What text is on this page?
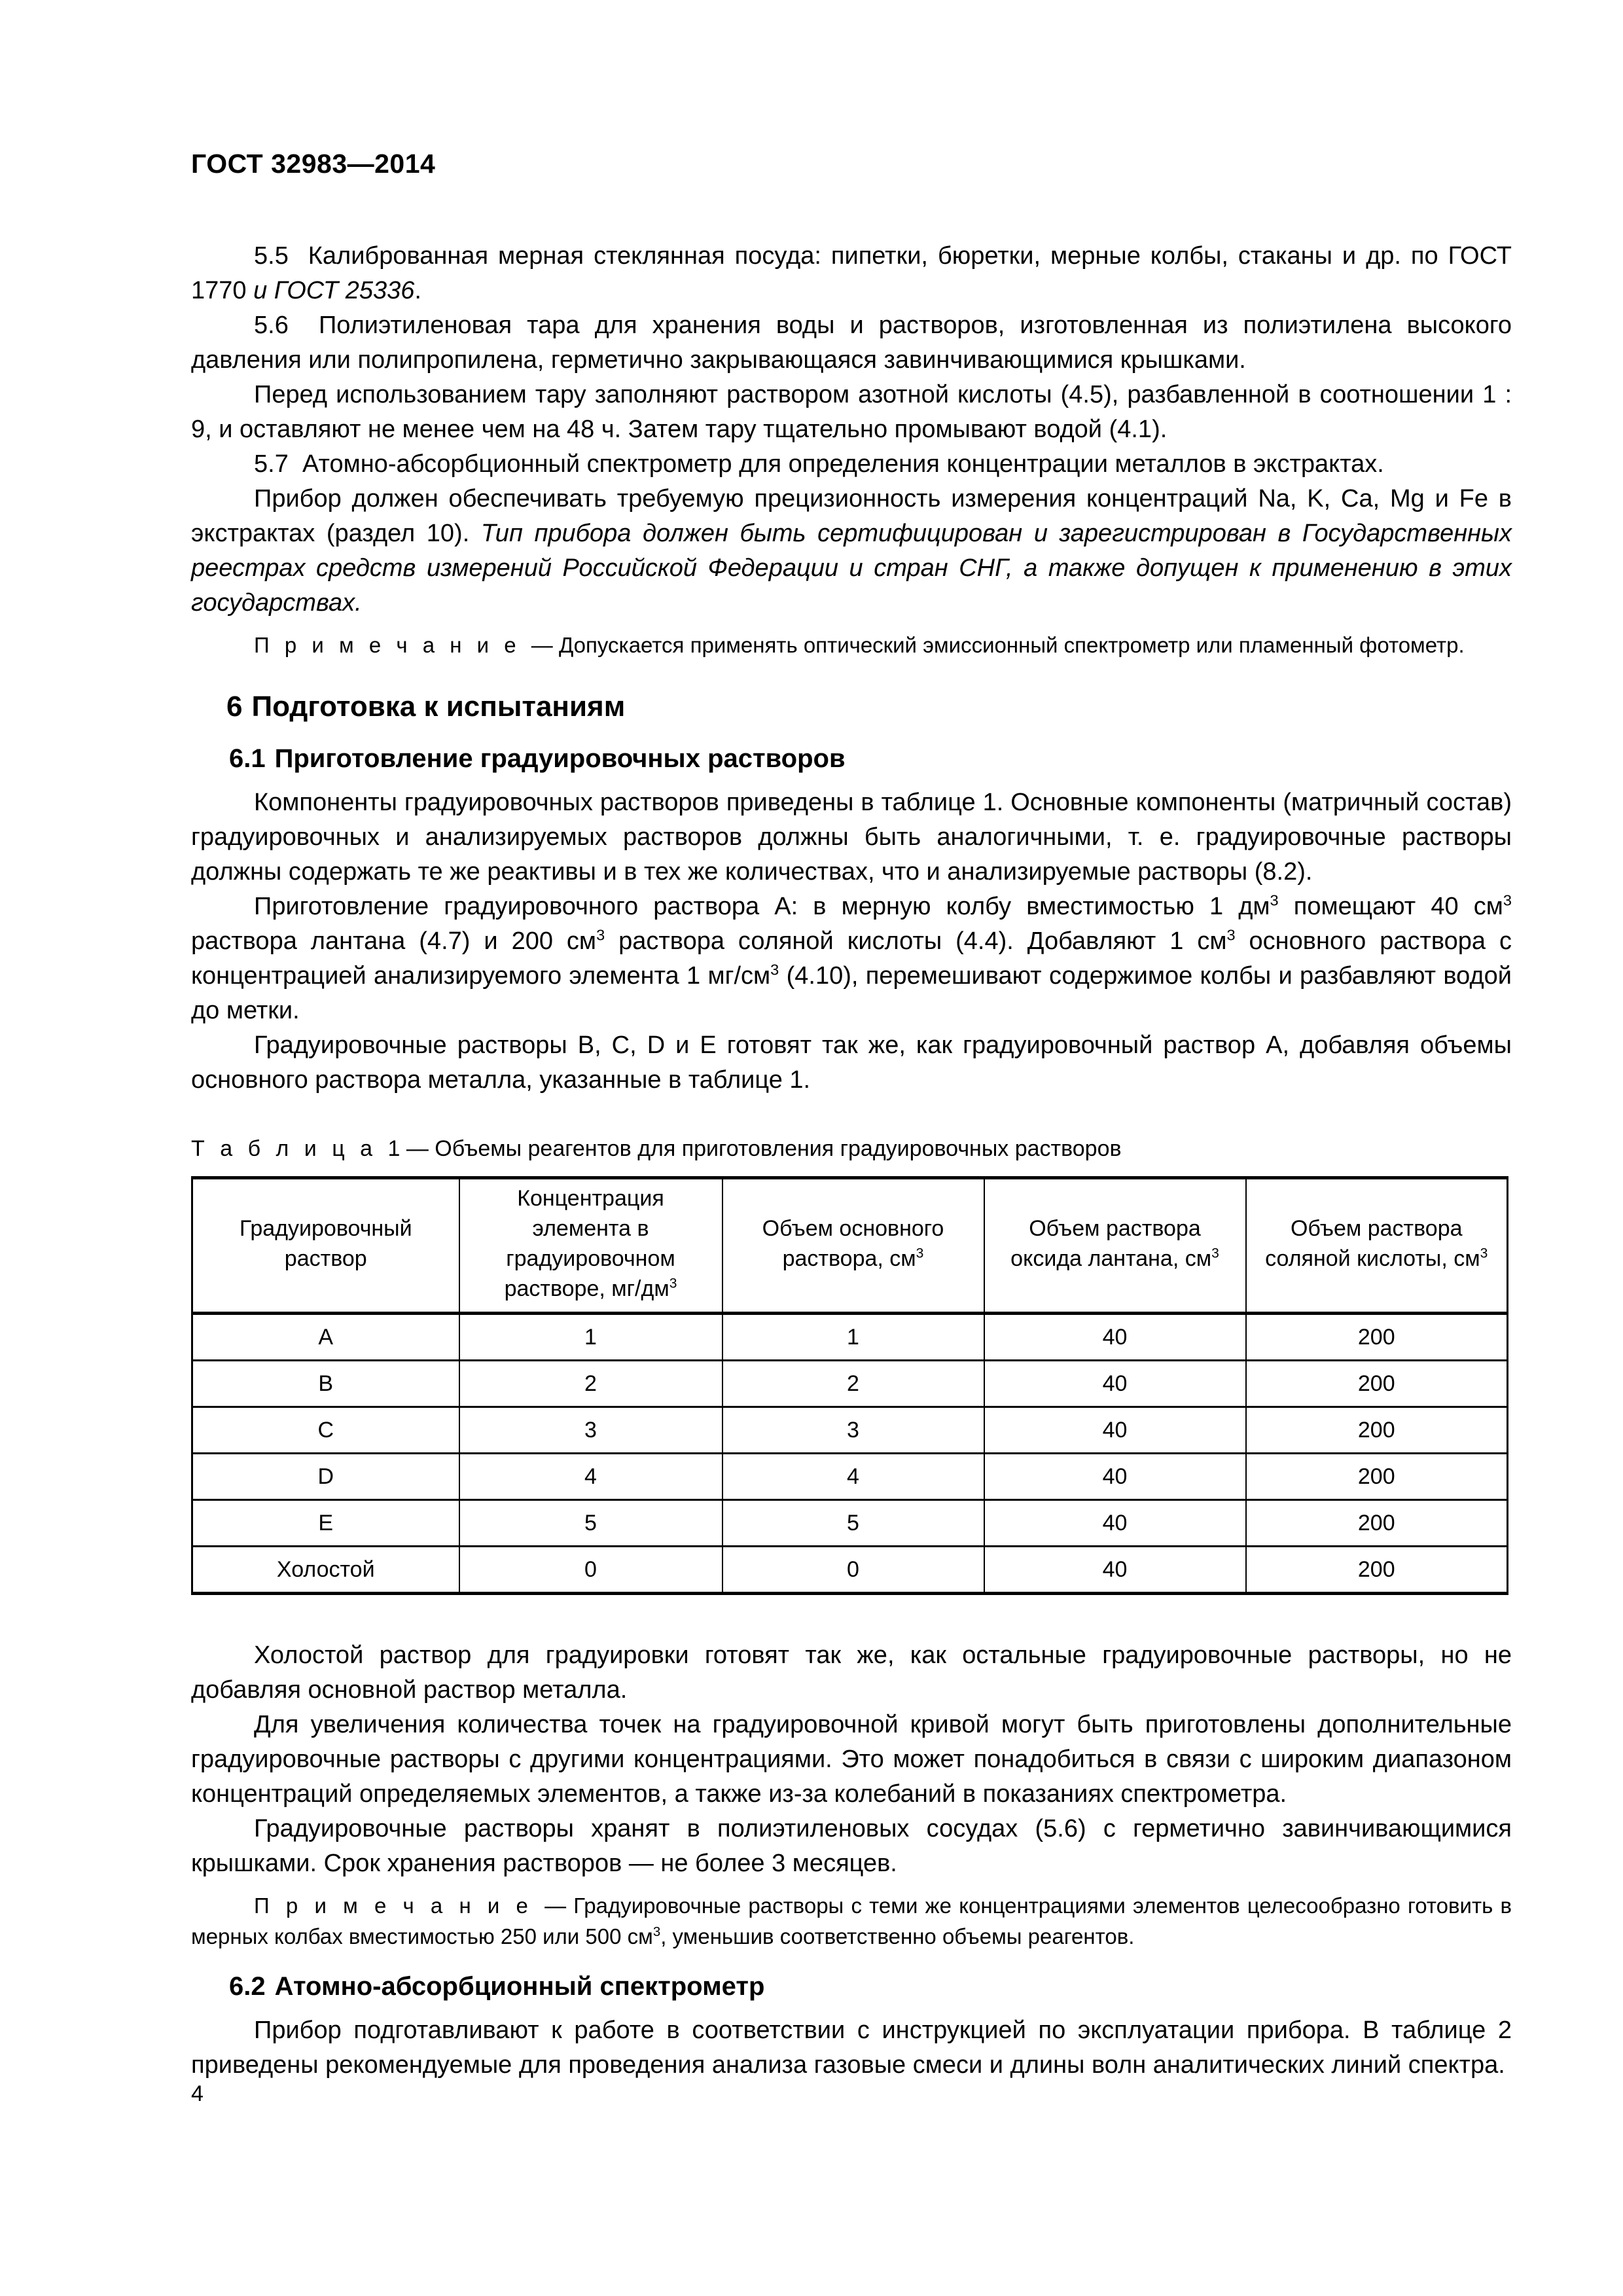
ГОСТ 32983—2014

5.5 Калиброванная мерная стеклянная посуда: пипетки, бюретки, мерные колбы, стаканы и др. по ГОСТ 1770 и ГОСТ 25336.

5.6 Полиэтиленовая тара для хранения воды и растворов, изготовленная из полиэтилена высокого давления или полипропилена, герметично закрывающаяся завинчивающимися крышками.

Перед использованием тару заполняют раствором азотной кислоты (4.5), разбавленной в соотношении 1 : 9, и оставляют не менее чем на 48 ч. Затем тару тщательно промывают водой (4.1).

5.7 Атомно-абсорбционный спектрометр для определения концентрации металлов в экстрактах.

Прибор должен обеспечивать требуемую прецизионность измерения концентраций Na, K, Ca, Mg и Fe в экстрактах (раздел 10). Тип прибора должен быть сертифицирован и зарегистрирован в Государственных реестрах средств измерений Российской Федерации и стран СНГ, а также допущен к применению в этих государствах.

П р и м е ч а н и е — Допускается применять оптический эмиссионный спектрометр или пламенный фотометр.

6 Подготовка к испытаниям
6.1 Приготовление градуировочных растворов

Компоненты градуировочных растворов приведены в таблице 1. Основные компоненты (матричный состав) градуировочных и анализируемых растворов должны быть аналогичными, т. е. градуировочные растворы должны содержать те же реактивы и в тех же количествах, что и анализируемые растворы (8.2).

Приготовление градуировочного раствора А: в мерную колбу вместимостью 1 $дм^3$ помещают 40 $см^3$ раствора лантана (4.7) и 200 $см^3$ раствора соляной кислоты (4.4). Добавляют 1 $см^3$ основного раствора с концентрацией анализируемого элемента 1 $мг/см^3$ (4.10), перемешивают содержимое колбы и разбавляют водой до метки.

Градуировочные растворы В, С, D и Е готовят так же, как градуировочный раствор А, добавляя объемы основного раствора металла, указанные в таблице 1.

Т а б л и ц а 1 — Объемы реагентов для приготовления градуировочных растворов
Градуировочный
раствор	Концентрация
элемента в
градуировочном
растворе, $мг/дм^3$	Объем основного
раствора, $см^3$	Объем раствора
оксида лантана, $см^3$	Объем раствора
соляной кислоты, $см^3$
A	1	1	40	200
B	2	2	40	200
C	3	3	40	200
D	4	4	40	200
E	5	5	40	200
Холостой	0	0	40	200

Холостой раствор для градуировки готовят так же, как остальные градуировочные растворы, но не добавляя основной раствор металла.

Для увеличения количества точек на градуировочной кривой могут быть приготовлены дополнительные градуировочные растворы с другими концентрациями. Это может понадобиться в связи с широким диапазоном концентраций определяемых элементов, а также из-за колебаний в показаниях спектрометра.

Градуировочные растворы хранят в полиэтиленовых сосудах (5.6) с герметично завинчивающимися крышками. Срок хранения растворов — не более 3 месяцев.

П р и м е ч а н и е — Градуировочные растворы с теми же концентрациями элементов целесообразно готовить в мерных колбах вместимостью 250 или 500 $см^3$, уменьшив соответственно объемы реагентов.

6.2 Атомно-абсорбционный спектрометр

Прибор подготавливают к работе в соответствии с инструкцией по эксплуатации прибора. В таблице 2 приведены рекомендуемые для проведения анализа газовые смеси и длины волн аналитических линий спектра.

4
